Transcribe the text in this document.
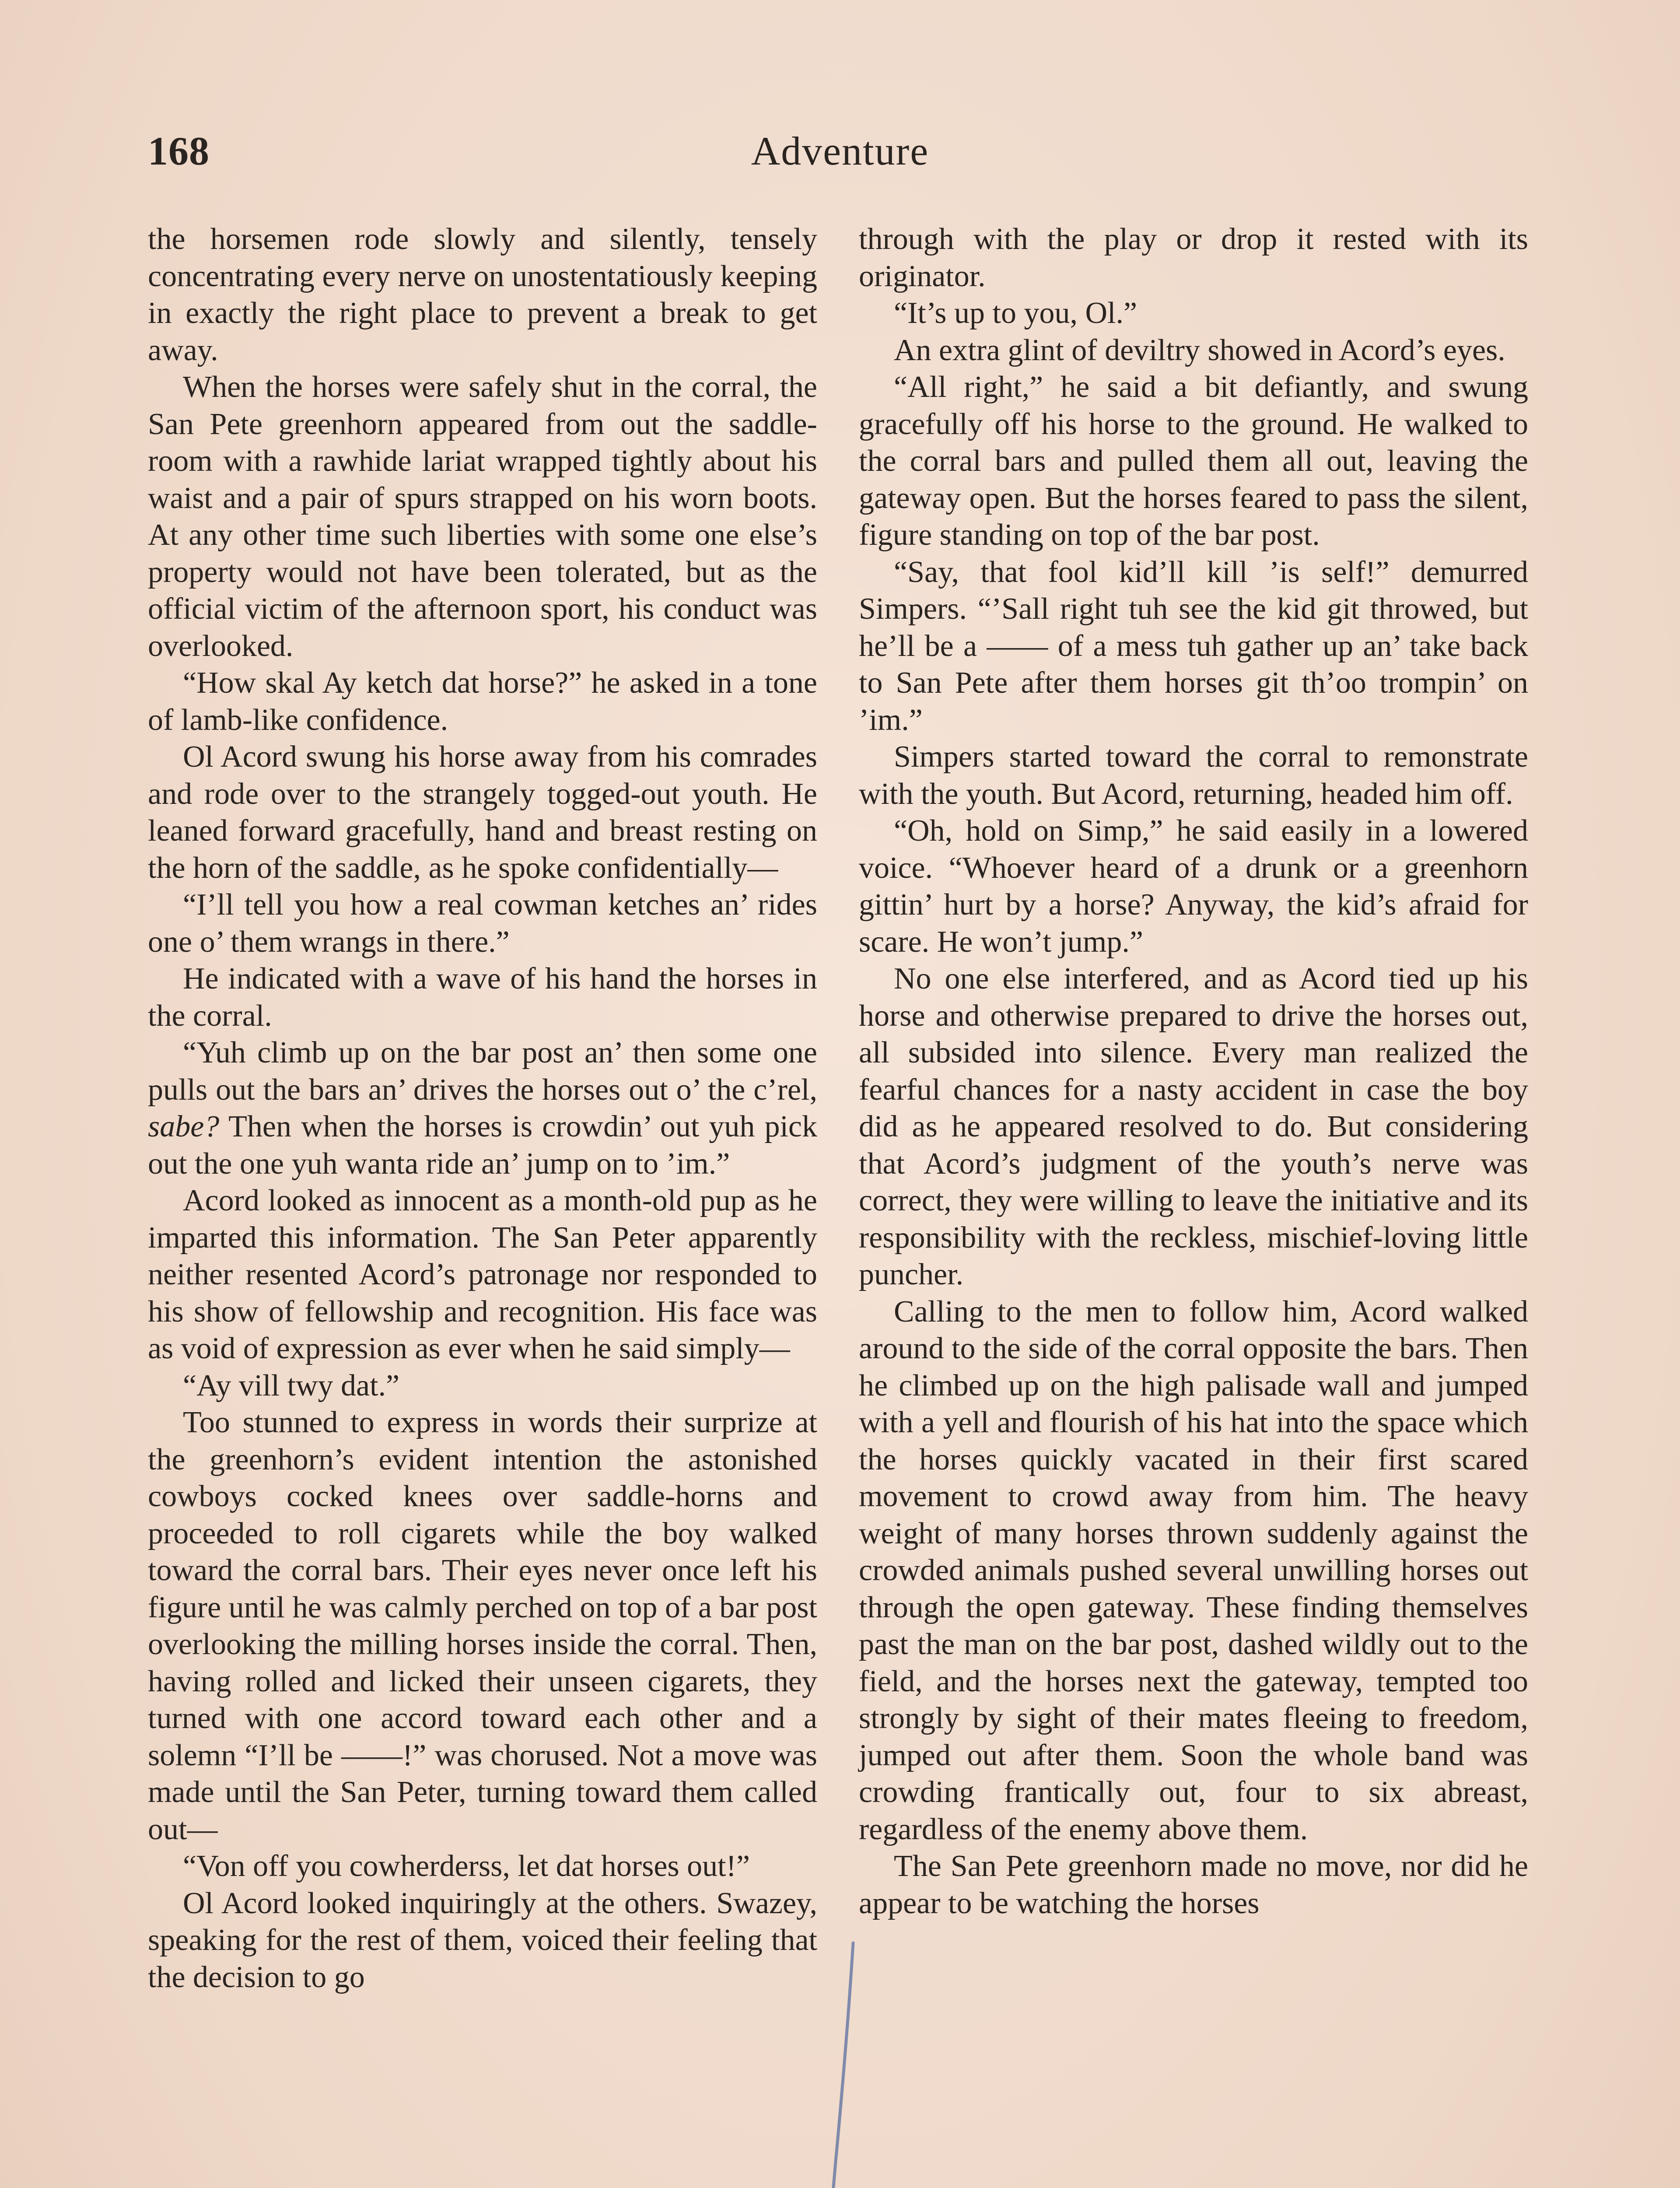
168	Adventure

the horsemen rode slowly and silently, tensely concentrating every nerve on unostentatiously keeping in exactly the right place to prevent a break to get away.

When the horses were safely shut in the corral, the San Pete greenhorn appeared from out the saddle-room with a rawhide lariat wrapped tightly about his waist and a pair of spurs strapped on his worn boots. At any other time such liberties with some one else’s property would not have been tolerated, but as the official victim of the afternoon sport, his conduct was overlooked.

“How skal Ay ketch dat horse?” he asked in a tone of lamb-like confidence.

Ol Acord swung his horse away from his comrades and rode over to the strangely togged-out youth. He leaned forward gracefully, hand and breast resting on the horn of the saddle, as he spoke confidentially—

“I’ll tell you how a real cowman ketches an’ rides one o’ them wrangs in there.”

He indicated with a wave of his hand the horses in the corral.

“Yuh climb up on the bar post an’ then some one pulls out the bars an’ drives the horses out o’ the c’rel, sabe? Then when the horses is crowdin’ out yuh pick out the one yuh wanta ride an’ jump on to ’im.”

Acord looked as innocent as a month-old pup as he imparted this information. The San Peter apparently neither resented Acord’s patronage nor responded to his show of fellowship and recognition. His face was as void of expression as ever when he said simply—

“Ay vill twy dat.”

Too stunned to express in words their surprize at the greenhorn’s evident intention the astonished cowboys cocked knees over saddle-horns and proceeded to roll cigarets while the boy walked toward the corral bars. Their eyes never once left his figure until he was calmly perched on top of a bar post overlooking the milling horses inside the corral. Then, having rolled and licked their unseen cigarets, they turned with one accord toward each other and a solemn “I’ll be ——!” was chorused. Not a move was made until the San Peter, turning toward them called out—

“Von off you cowherderss, let dat horses out!”

Ol Acord looked inquiringly at the others. Swazey, speaking for the rest of them, voiced their feeling that the decision to go

through with the play or drop it rested with its originator.

“It’s up to you, Ol.”

An extra glint of deviltry showed in Acord’s eyes.

“All right,” he said a bit defiantly, and swung gracefully off his horse to the ground. He walked to the corral bars and pulled them all out, leaving the gateway open. But the horses feared to pass the silent, figure standing on top of the bar post.

“Say, that fool kid’ll kill ’is self!” demurred Simpers. “’Sall right tuh see the kid git throwed, but he’ll be a —— of a mess tuh gather up an’ take back to San Pete after them horses git th’oo trompin’ on ’im.”

Simpers started toward the corral to remonstrate with the youth. But Acord, returning, headed him off.

“Oh, hold on Simp,” he said easily in a lowered voice. “Whoever heard of a drunk or a greenhorn gittin’ hurt by a horse? Anyway, the kid’s afraid for scare. He won’t jump.”

No one else interfered, and as Acord tied up his horse and otherwise prepared to drive the horses out, all subsided into silence. Every man realized the fearful chances for a nasty accident in case the boy did as he appeared resolved to do. But considering that Acord’s judgment of the youth’s nerve was correct, they were willing to leave the initiative and its responsibility with the reckless, mischief-loving little puncher.

Calling to the men to follow him, Acord walked around to the side of the corral opposite the bars. Then he climbed up on the high palisade wall and jumped with a yell and flourish of his hat into the space which the horses quickly vacated in their first scared movement to crowd away from him. The heavy weight of many horses thrown suddenly against the crowded animals pushed several unwilling horses out through the open gateway. These finding themselves past the man on the bar post, dashed wildly out to the field, and the horses next the gateway, tempted too strongly by sight of their mates fleeing to freedom, jumped out after them. Soon the whole band was crowding frantically out, four to six abreast, regardless of the enemy above them.

The San Pete greenhorn made no move, nor did he appear to be watching the horses
